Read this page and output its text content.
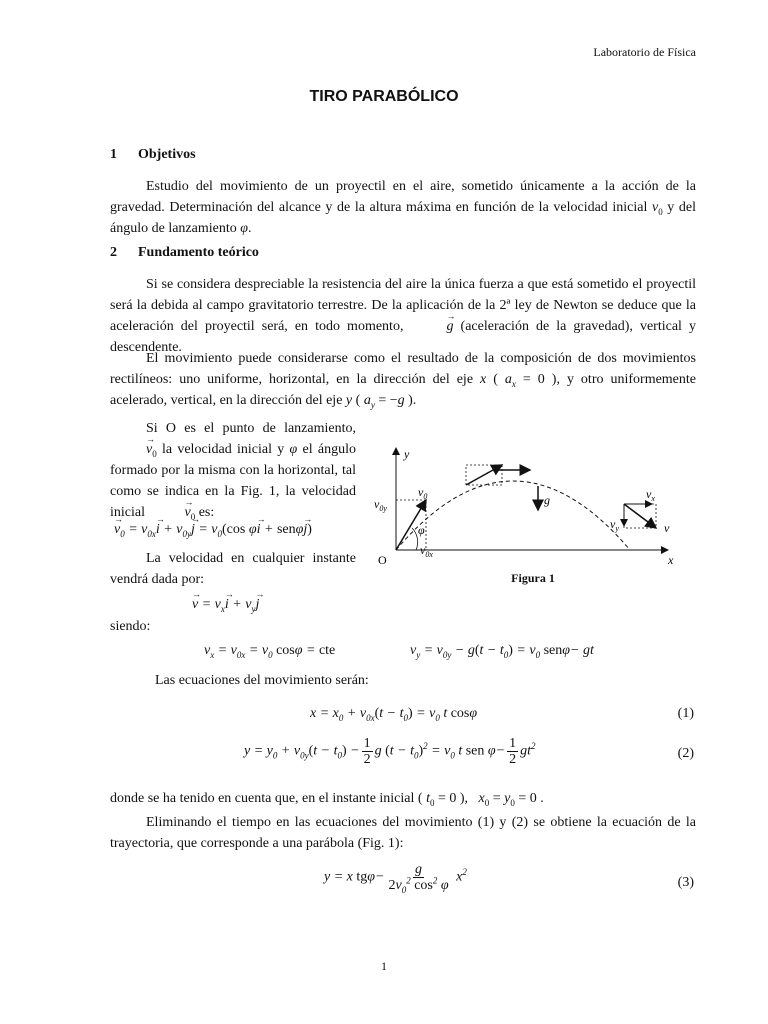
Laboratorio de Física
TIRO PARABÓLICO
1 Objetivos
Estudio del movimiento de un proyectil en el aire, sometido únicamente a la acción de la gravedad. Determinación del alcance y de la altura máxima en función de la velocidad inicial $v_0$ y del ángulo de lanzamiento φ.
2 Fundamento teórico
Si se considera despreciable la resistencia del aire la única fuerza a que está sometido el proyectil será la debida al campo gravitatorio terrestre. De la aplicación de la 2ª ley de Newton se deduce que la aceleración del proyectil será, en todo momento,	→ g (aceleración de la gravedad), vertical y descendente.
El movimiento puede considerarse como el resultado de la composición de dos movimientos rectilíneos: uno uniforme, horizontal, en la dirección del eje x ( $a_x = 0$ ), y otro uniformemente acelerado, vertical, en la dirección del eje y ( $a_y = -g$ ).
Si O es el punto de lanzamiento,→ $v_0$ la velocidad inicial y φ el ángulo formado por la misma con la horizontal, tal como se indica en la Fig. 1, la velocidad inicial	→ $v_0$ es:
→ $v_0 = v_{0x}\to i + v_{0y}\to j = v_0(\cos$ φ→ i + senφ→ j)
La velocidad en cualquier instante vendrá dada por:
→ $v = v_x\to i + v_y\to j$
siendo:
$v_x = v_{0x} = v_0$ cosφ = cte	$v_y = v_{0y} - g(t - t_0) = v_0$ senφ− gt
Las ecuaciones del movimiento serán:
$x = x_0 + v_{0x}(t - t_0) = v_0$ t cosφ	(1)
$y = y_0 + v_{0y}(t - t_0) - \frac{1}{2}$ g $(t - t_0)^2 = v_0$ t sen $\varphi- \frac{1}{2} gt^2$	(2)
donde se ha tenido en cuenta que, en el instante inicial ( $t_0 = 0$ ),   $x_0 = y_0 = 0$ .
Eliminando el tiempo en las ecuaciones del movimiento (1) y (2) se obtiene la ecuación de la trayectoria, que corresponde a una parábola (Fig. 1):
y = x $tg\varphi- \frac{g}{2v_0^2 \cos^2 \varphi} x^2$
(3)
y
x
O
φ
$v_0$
$v_{0y}$
$v_{0x}$
g	$v_x$
$v_y$	v
Figura 1
1
